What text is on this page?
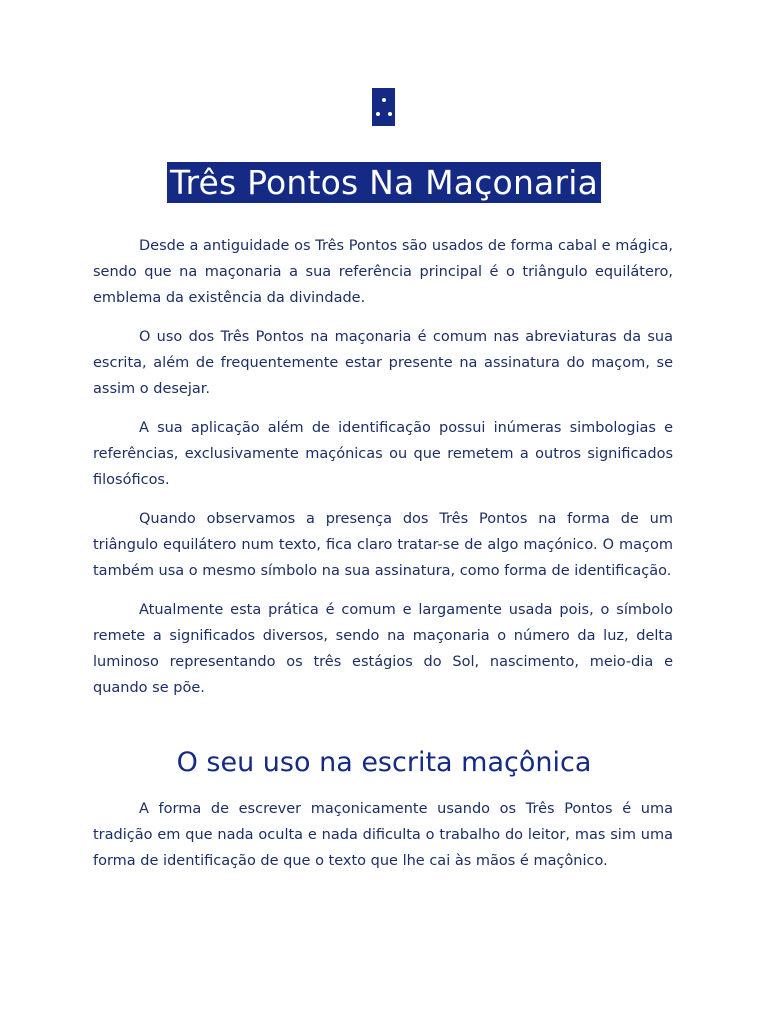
Três Pontos Na Maçonaria

Desde a antiguidade os Três Pontos são usados de forma cabal e mágica, sendo que na maçonaria a sua referência principal é o triângulo equilátero, emblema da existência da divindade.

O uso dos Três Pontos na maçonaria é comum nas abreviaturas da sua escrita, além de frequentemente estar presente na assinatura do maçom, se assim o desejar.

A sua aplicação além de identificação possui inúmeras simbologias e referências, exclusivamente maçónicas ou que remetem a outros significados filosóficos.

Quando observamos a presença dos Três Pontos na forma de um triângulo equilátero num texto, fica claro tratar-se de algo maçónico. O maçom também usa o mesmo símbolo na sua assinatura, como forma de identificação.

Atualmente esta prática é comum e largamente usada pois, o símbolo remete a significados diversos, sendo na maçonaria o número da luz, delta luminoso representando os três estágios do Sol, nascimento, meio-dia e quando se põe.

O seu uso na escrita maçônica

A forma de escrever maçonicamente usando os Três Pontos é uma tradição em que nada oculta e nada dificulta o trabalho do leitor, mas sim uma forma de identificação de que o texto que lhe cai às mãos é maçônico.
